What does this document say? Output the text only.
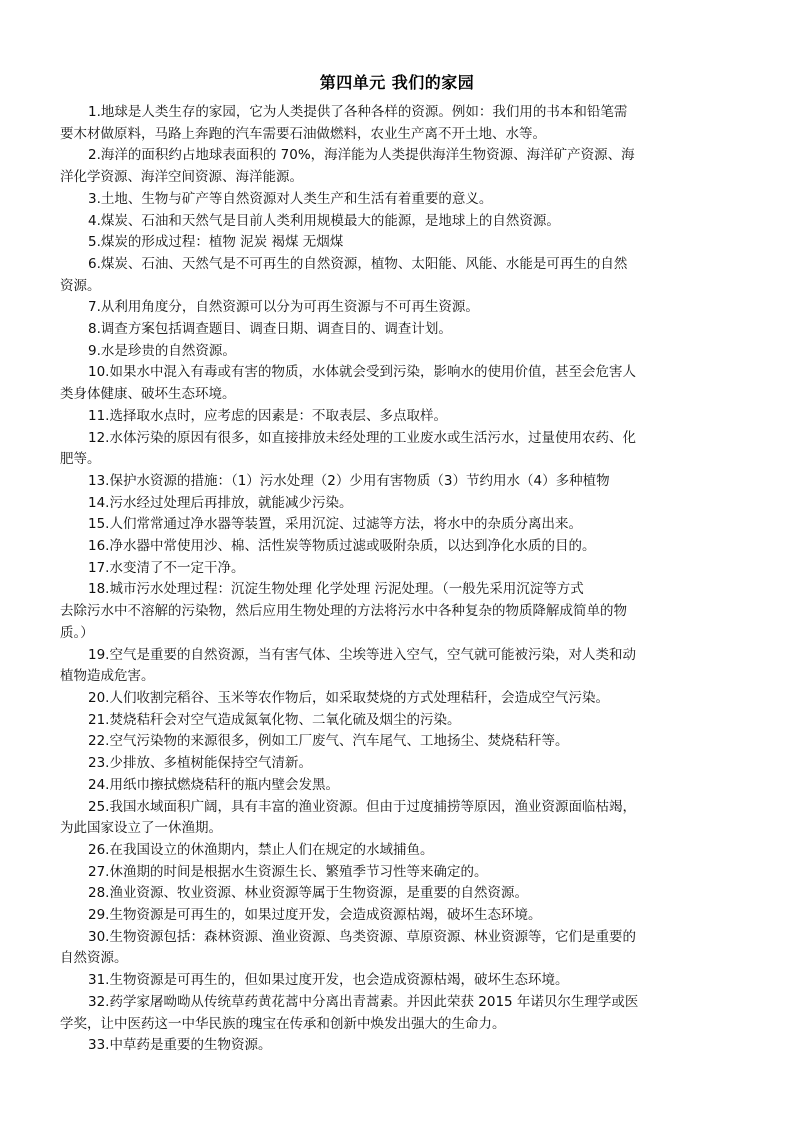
第四单元 我们的家园
1.地球是人类生存的家园，它为人类提供了各种各样的资源。例如：我们用的书本和铅笔需
要木材做原料，马路上奔跑的汽车需要石油做燃料，农业生产离不开土地、水等。
2.海洋的面积约占地球表面积的 70%，海洋能为人类提供海洋生物资源、海洋矿产资源、海
洋化学资源、海洋空间资源、海洋能源。
3.土地、生物与矿产等自然资源对人类生产和生活有着重要的意义。
4.煤炭、石油和天然气是目前人类利用规模最大的能源，是地球上的自然资源。
5.煤炭的形成过程：植物 泥炭 褐煤 无烟煤
6.煤炭、石油、天然气是不可再生的自然资源，植物、太阳能、风能、水能是可再生的自然
资源。
7.从利用角度分，自然资源可以分为可再生资源与不可再生资源。
8.调查方案包括调查题目、调查日期、调查目的、调查计划。
9.水是珍贵的自然资源。
10.如果水中混入有毒或有害的物质，水体就会受到污染，影响水的使用价值，甚至会危害人
类身体健康、破坏生态环境。
11.选择取水点时，应考虑的因素是：不取表层、多点取样。
12.水体污染的原因有很多，如直接排放未经处理的工业废水或生活污水，过量使用农药、化
肥等。
13.保护水资源的措施：（1）污水处理（2）少用有害物质（3）节约用水（4）多种植物
14.污水经过处理后再排放，就能减少污染。
15.人们常常通过净水器等装置，采用沉淀、过滤等方法，将水中的杂质分离出来。
16.净水器中常使用沙、棉、活性炭等物质过滤或吸附杂质，以达到净化水质的目的。
17.水变清了不一定干净。
18.城市污水处理过程：沉淀生物处理 化学处理 污泥处理。（一般先采用沉淀等方式
去除污水中不溶解的污染物，然后应用生物处理的方法将污水中各种复杂的物质降解成简单的物
质。）
19.空气是重要的自然资源，当有害气体、尘埃等进入空气，空气就可能被污染，对人类和动
植物造成危害。
20.人们收割完稻谷、玉米等农作物后，如采取焚烧的方式处理秸秆，会造成空气污染。
21.焚烧秸秆会对空气造成氮氧化物、二氧化硫及烟尘的污染。
22.空气污染物的来源很多，例如工厂废气、汽车尾气、工地扬尘、焚烧秸秆等。
23.少排放、多植树能保持空气清新。
24.用纸巾擦拭燃烧秸秆的瓶内壁会发黑。
25.我国水域面积广阔，具有丰富的渔业资源。但由于过度捕捞等原因，渔业资源面临枯竭，
为此国家设立了一休渔期。
26.在我国设立的休渔期内，禁止人们在规定的水域捕鱼。
27.休渔期的时间是根据水生资源生长、繁殖季节习性等来确定的。
28.渔业资源、牧业资源、林业资源等属于生物资源，是重要的自然资源。
29.生物资源是可再生的，如果过度开发，会造成资源枯竭，破坏生态环境。
30.生物资源包括：森林资源、渔业资源、鸟类资源、草原资源、林业资源等，它们是重要的
自然资源。
31.生物资源是可再生的，但如果过度开发，也会造成资源枯竭，破坏生态环境。
32.药学家屠呦呦从传统草药黄花蒿中分离出青蒿素。并因此荣获 2015 年诺贝尔生理学或医
学奖，让中医药这一中华民族的瑰宝在传承和创新中焕发出强大的生命力。
33.中草药是重要的生物资源。
